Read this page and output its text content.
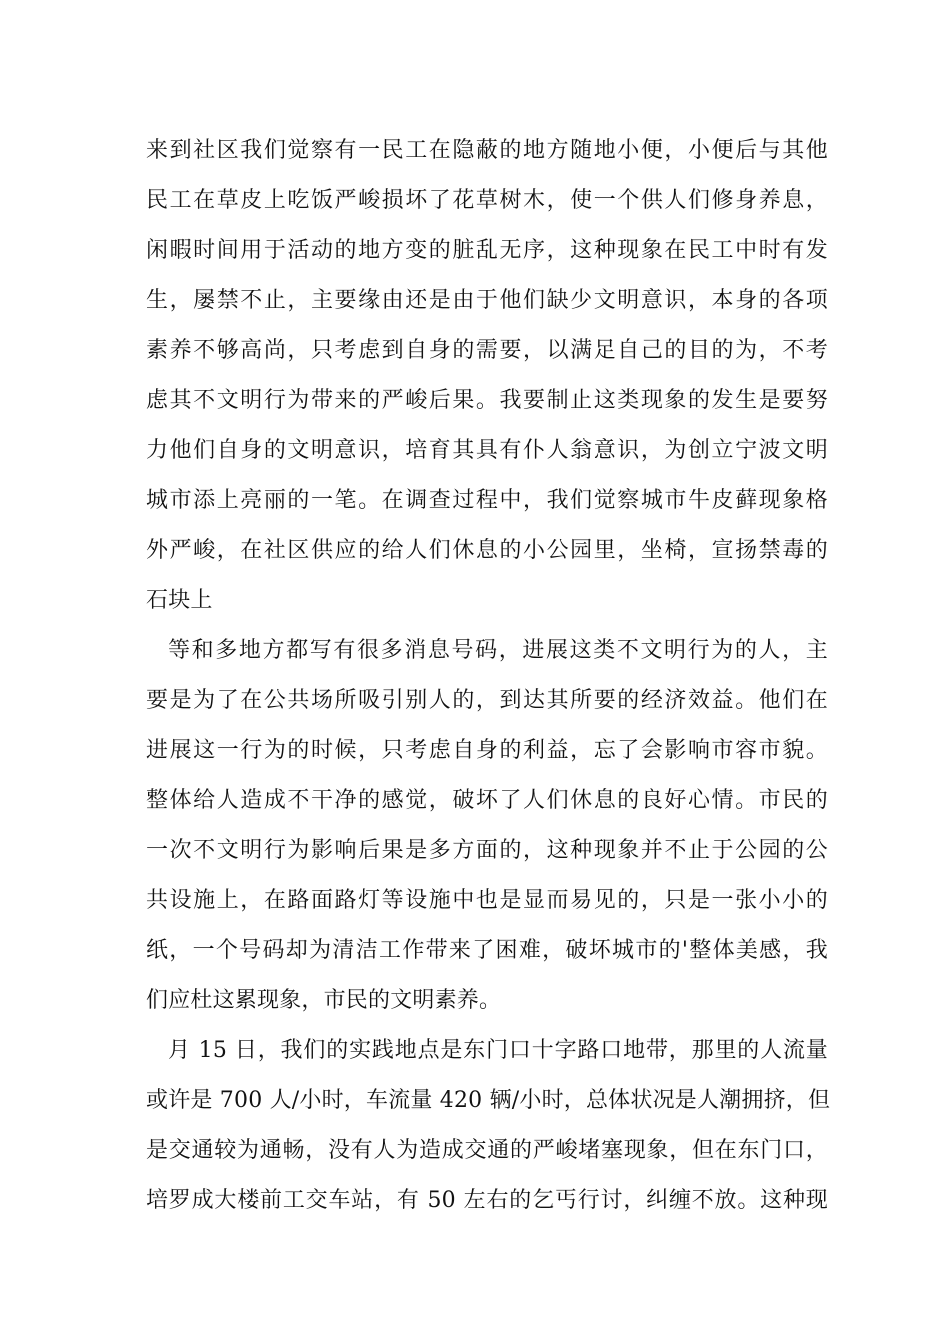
来到社区我们觉察有一民工在隐蔽的地方随地小便，小便后与其他
民工在草皮上吃饭严峻损坏了花草树木，使一个供人们修身养息，
闲暇时间用于活动的地方变的脏乱无序，这种现象在民工中时有发
生，屡禁不止，主要缘由还是由于他们缺少文明意识，本身的各项
素养不够高尚，只考虑到自身的需要，以满足自己的目的为，不考
虑其不文明行为带来的严峻后果。我要制止这类现象的发生是要努
力他们自身的文明意识，培育其具有仆人翁意识，为创立宁波文明
城市添上亮丽的一笔。在调查过程中，我们觉察城市牛皮藓现象格
外严峻，在社区供应的给人们休息的小公园里，坐椅，宣扬禁毒的
石块上
等和多地方都写有很多消息号码，进展这类不文明行为的人，主
要是为了在公共场所吸引别人的，到达其所要的经济效益。他们在
进展这一行为的时候，只考虑自身的利益，忘了会影响市容市貌。
整体给人造成不干净的感觉，破坏了人们休息的良好心情。市民的
一次不文明行为影响后果是多方面的，这种现象并不止于公园的公
共设施上，在路面路灯等设施中也是显而易见的，只是一张小小的
纸，一个号码却为清洁工作带来了困难，破坏城市的'整体美感，我
们应杜这累现象，市民的文明素养。
月 15 日，我们的实践地点是东门口十字路口地带，那里的人流量
或许是 700 人/小时，车流量 420 辆/小时，总体状况是人潮拥挤，但
是交通较为通畅，没有人为造成交通的严峻堵塞现象，但在东门口，
培罗成大楼前工交车站，有 50 左右的乞丐行讨，纠缠不放。这种现
